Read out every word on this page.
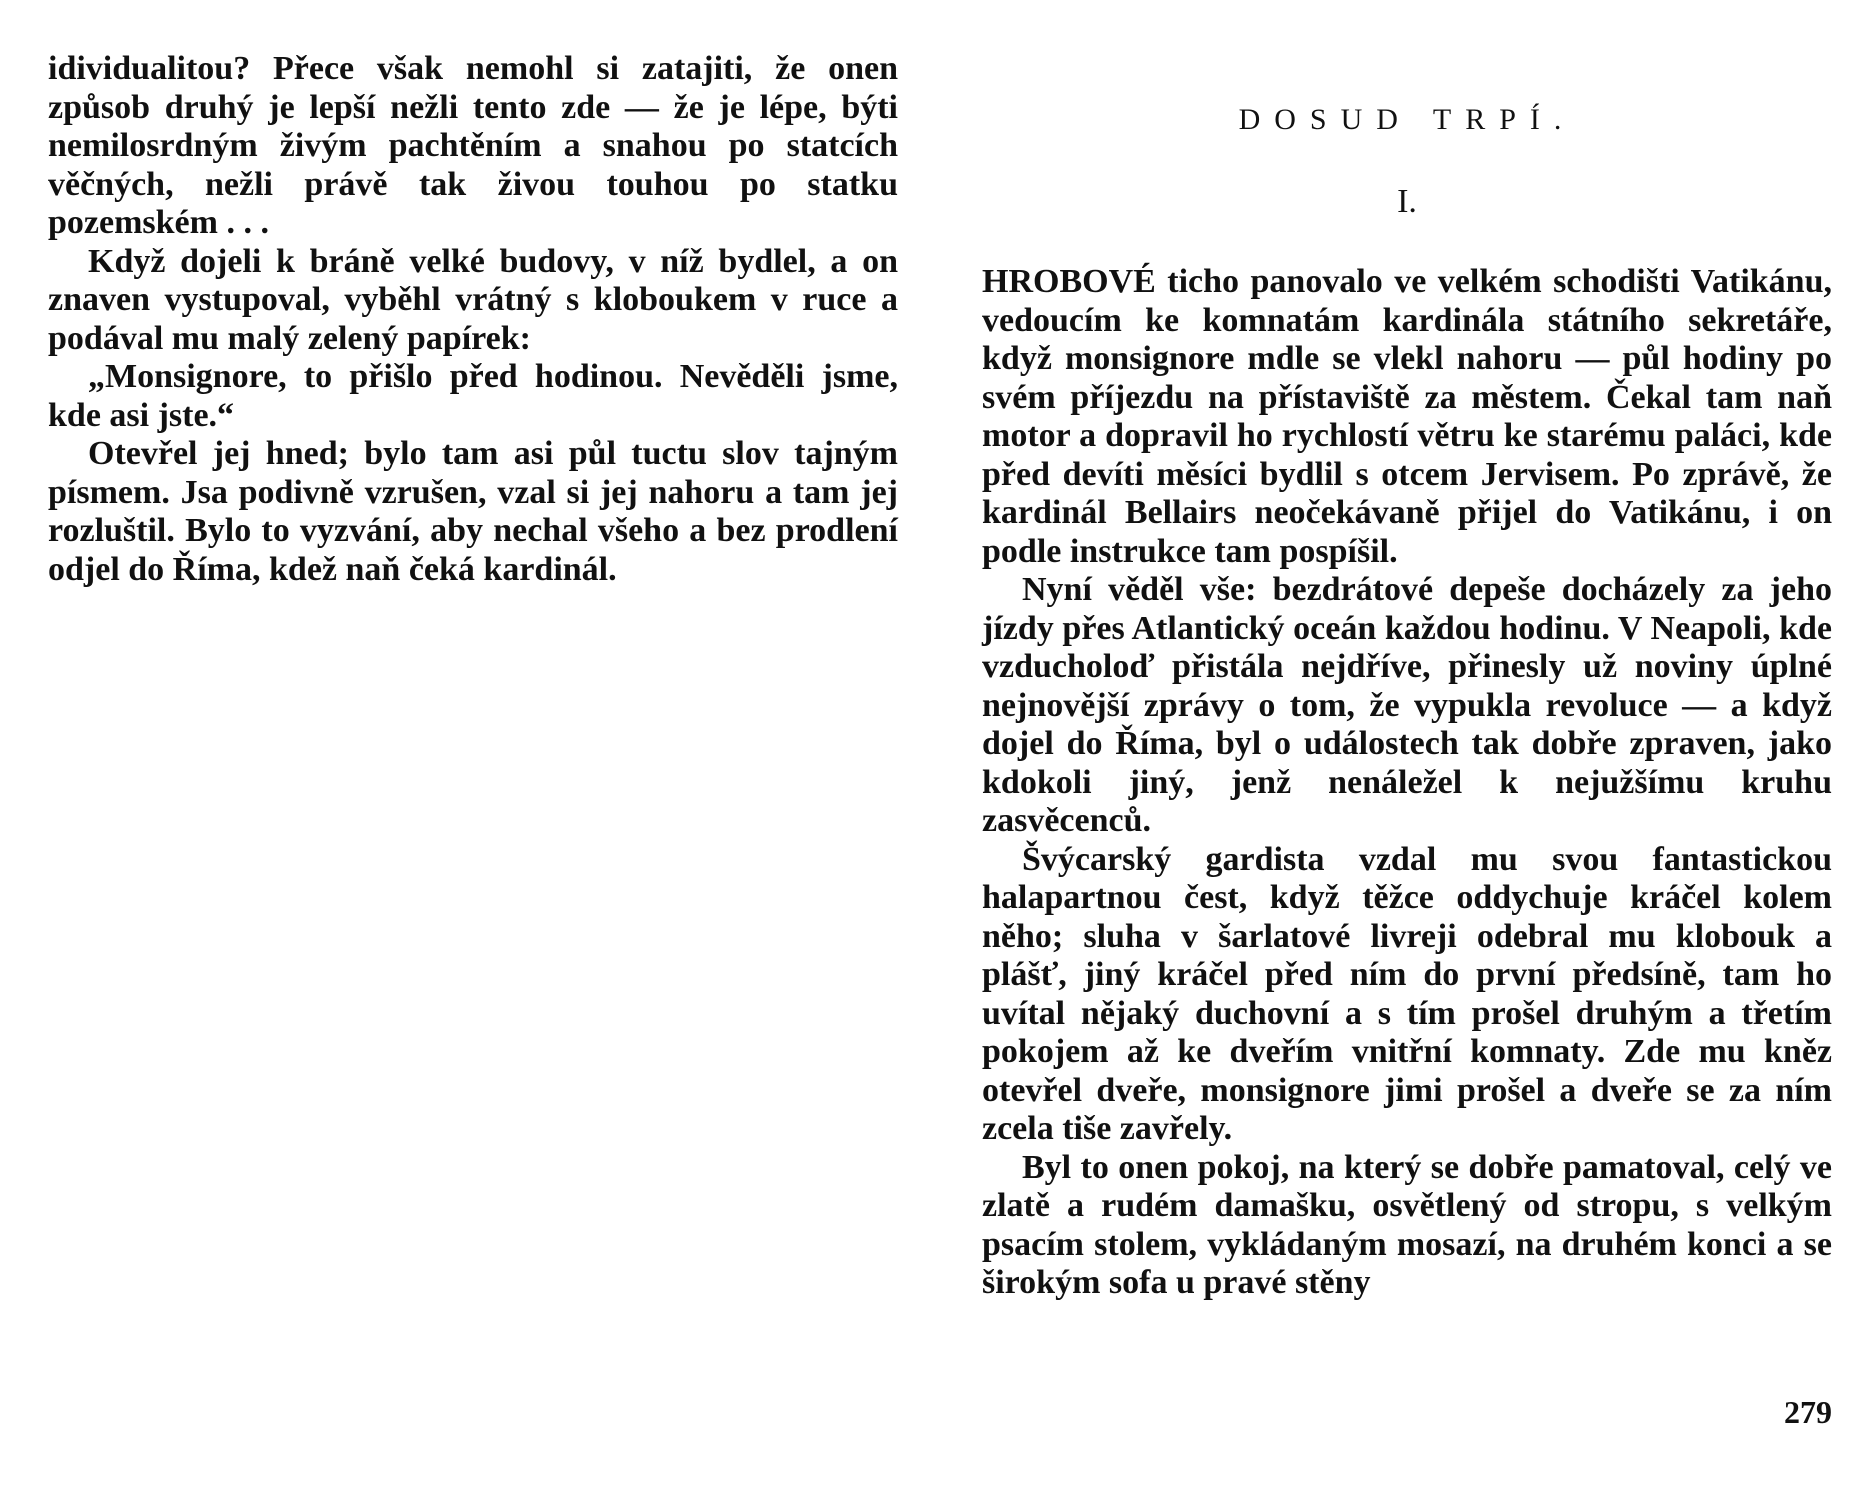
idividualitou? Přece však nemohl si zatajiti, že onen způsob druhý je lepší nežli tento zde — že je lépe, býti nemilosrdným živým pachtěním a snahou po statcích věčných, nežli právě tak živou touhou po statku pozemském . . .

Když dojeli k bráně velké budovy, v níž bydlel, a on znaven vystupoval, vyběhl vrátný s kloboukem v ruce a podával mu malý zelený papírek:

„Monsignore, to přišlo před hodinou. Nevěděli jsme, kde asi jste.“

Otevřel jej hned; bylo tam asi půl tuctu slov tajným písmem. Jsa podivně vzrušen, vzal si jej nahoru a tam jej rozluštil. Bylo to vyzvání, aby nechal všeho a bez prodlení odjel do Říma, kdež naň čeká kardinál.

DOSUD TRPÍ.
I.

HROBOVÉ ticho panovalo ve velkém schodišti Vatikánu, vedoucím ke komnatám kardinála státního sekretáře, když monsignore mdle se vlekl nahoru — půl hodiny po svém příjezdu na přístaviště za městem. Čekal tam naň motor a dopravil ho rychlostí větru ke starému paláci, kde před devíti měsíci bydlil s otcem Jervisem. Po zprávě, že kardinál Bellairs neočekávaně přijel do Vatikánu, i on podle instrukce tam pospíšil.

Nyní věděl vše: bezdrátové depeše docházely za jeho jízdy přes Atlantický oceán každou hodinu. V Neapoli, kde vzducholoď přistála nejdříve, přinesly už noviny úplné nejnovější zprávy o tom, že vypukla revoluce — a když dojel do Říma, byl o událostech tak dobře zpraven, jako kdokoli jiný, jenž nenáležel k nejužšímu kruhu zasvěcenců.

Švýcarský gardista vzdal mu svou fantastickou halapartnou čest, když těžce oddychuje kráčel kolem něho; sluha v šarlatové livreji odebral mu klobouk a plášť, jiný kráčel před ním do první předsíně, tam ho uvítal nějaký duchovní a s tím prošel druhým a třetím pokojem až ke dveřím vnitřní komnaty. Zde mu kněz otevřel dveře, monsignore jimi prošel a dveře se za ním zcela tiše zavřely.

Byl to onen pokoj, na který se dobře pamatoval, celý ve zlatě a rudém damašku, osvětlený od stropu, s velkým psacím stolem, vykládaným mosazí, na druhém konci a se širokým sofa u pravé stěny

279
